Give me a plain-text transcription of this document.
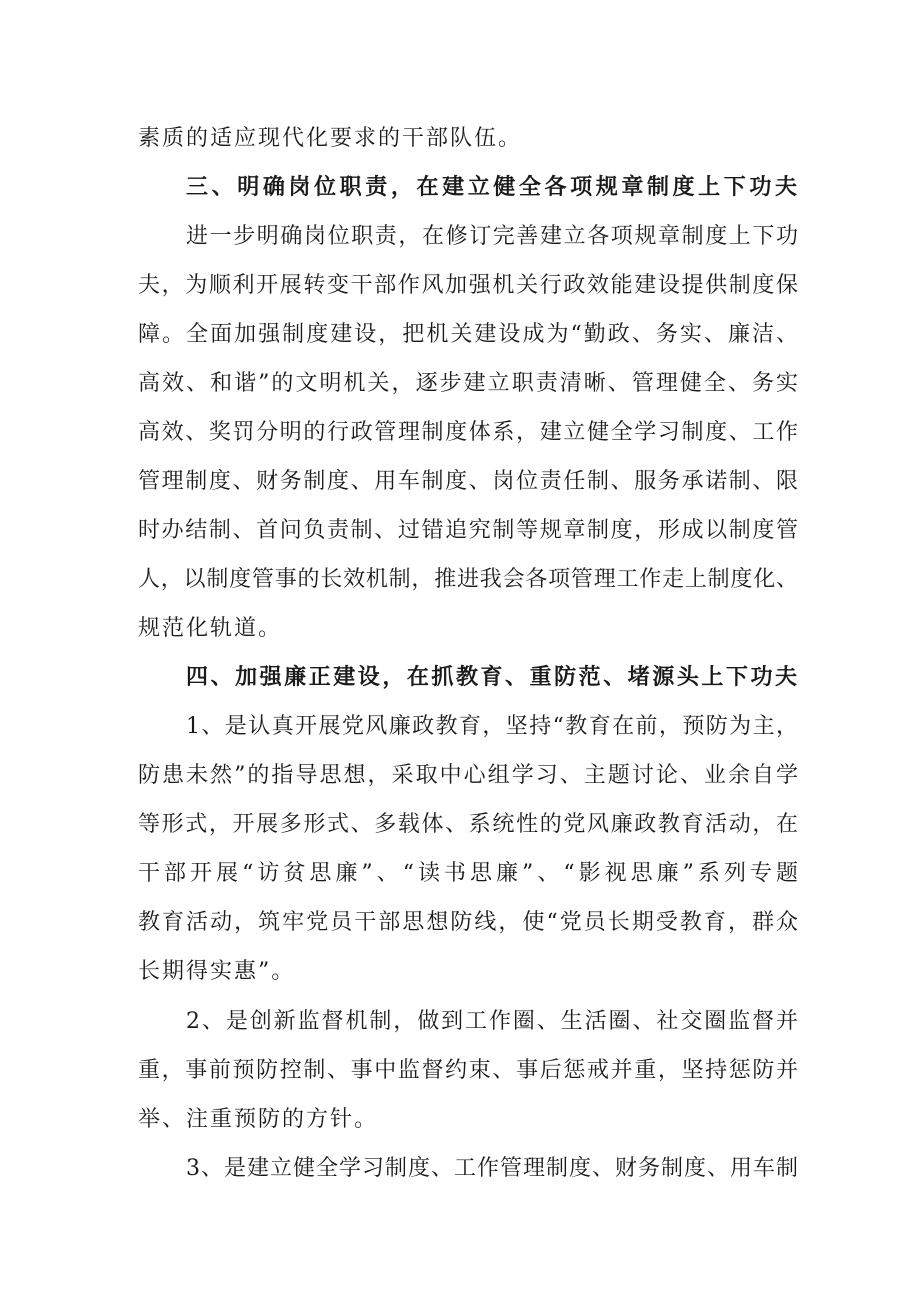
素质的适应现代化要求的干部队伍。
三、明确岗位职责，在建立健全各项规章制度上下功夫
进一步明确岗位职责，在修订完善建立各项规章制度上下功
夫，为顺利开展转变干部作风加强机关行政效能建设提供制度保
障。全面加强制度建设，把机关建设成为“勤政、务实、廉洁、
高效、和谐”的文明机关，逐步建立职责清晰、管理健全、务实
高效、奖罚分明的行政管理制度体系，建立健全学习制度、工作
管理制度、财务制度、用车制度、岗位责任制、服务承诺制、限
时办结制、首问负责制、过错追究制等规章制度，形成以制度管
人，以制度管事的长效机制，推进我会各项管理工作走上制度化、
规范化轨道。
四、加强廉正建设，在抓教育、重防范、堵源头上下功夫
1、是认真开展党风廉政教育，坚持“教育在前，预防为主，
防患未然”的指导思想，采取中心组学习、主题讨论、业余自学
等形式，开展多形式、多载体、系统性的党风廉政教育活动，在
干部开展“访贫思廉”、“读书思廉”、“影视思廉”系列专题
教育活动，筑牢党员干部思想防线，使“党员长期受教育，群众
长期得实惠”。
2、是创新监督机制，做到工作圈、生活圈、社交圈监督并
重，事前预防控制、事中监督约束、事后惩戒并重，坚持惩防并
举、注重预防的方针。
3、是建立健全学习制度、工作管理制度、财务制度、用车制
